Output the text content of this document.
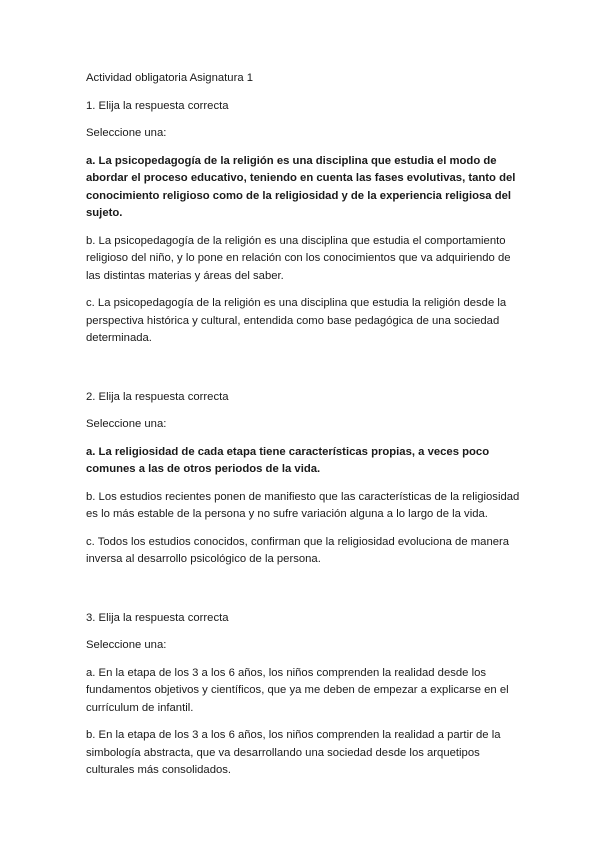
Actividad obligatoria Asignatura 1
1. Elija la respuesta correcta
Seleccione una:
a. La psicopedagogía de la religión es una disciplina que estudia el modo de abordar el proceso educativo, teniendo en cuenta las fases evolutivas, tanto del conocimiento religioso como de la religiosidad y de la experiencia religiosa del sujeto.
b. La psicopedagogía de la religión es una disciplina que estudia el comportamiento religioso del niño, y lo pone en relación con los conocimientos que va adquiriendo de las distintas materias y áreas del saber.
c. La psicopedagogía de la religión es una disciplina que estudia la religión desde la perspectiva histórica y cultural, entendida como base pedagógica de una sociedad determinada.
2. Elija la respuesta correcta
Seleccione una:
a. La religiosidad de cada etapa tiene características propias, a veces poco comunes a las de otros periodos de la vida.
b. Los estudios recientes ponen de manifiesto que las características de la religiosidad es lo más estable de la persona y no sufre variación alguna a lo largo de la vida.
c. Todos los estudios conocidos, confirman que la religiosidad evoluciona de manera inversa al desarrollo psicológico de la persona.
3. Elija la respuesta correcta
Seleccione una:
a. En la etapa de los 3 a los 6 años, los niños comprenden la realidad desde los fundamentos objetivos y científicos, que ya me deben de empezar a explicarse en el currículum de infantil.
b. En la etapa de los 3 a los 6 años, los niños comprenden la realidad a partir de la simbología abstracta, que va desarrollando una sociedad desde los arquetipos culturales más consolidados.
